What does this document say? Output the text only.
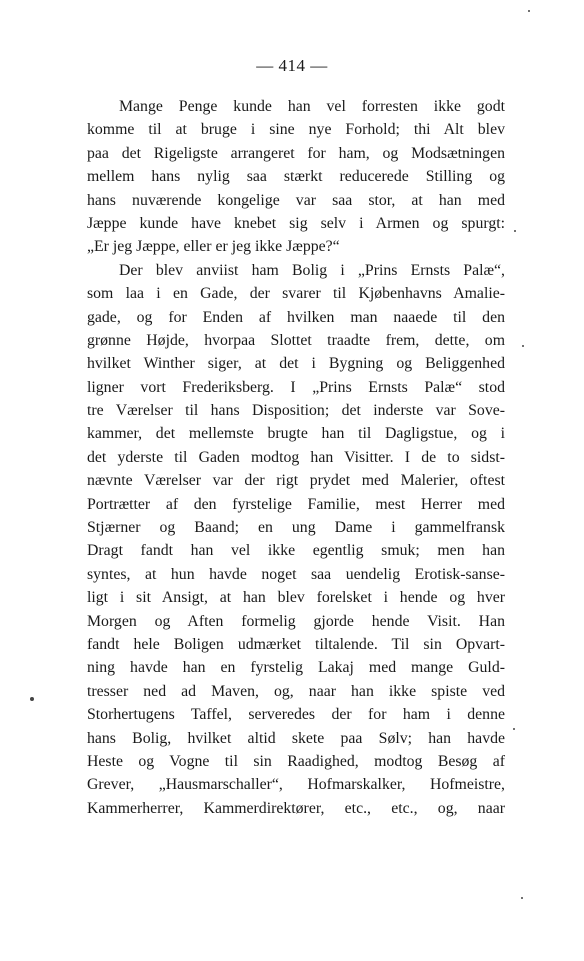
— 414 —
Mange Penge kunde han vel forresten ikke godt
komme til at bruge i sine nye Forhold; thi Alt blev
paa det Rigeligste arrangeret for ham, og Modsætningen
mellem hans nylig saa stærkt reducerede Stilling og
hans nuværende kongelige var saa stor, at han med
Jæppe kunde have knebet sig selv i Armen og spurgt:
„Er jeg Jæppe, eller er jeg ikke Jæppe?“
Der blev anviist ham Bolig i „Prins Ernsts Palæ“,
som laa i en Gade, der svarer til Kjøbenhavns Amalie-
gade, og for Enden af hvilken man naaede til den
grønne Højde, hvorpaa Slottet traadte frem, dette, om
hvilket Winther siger, at det i Bygning og Beliggenhed
ligner vort Frederiksberg. I „Prins Ernsts Palæ“ stod
tre Værelser til hans Disposition; det inderste var Sove-
kammer, det mellemste brugte han til Dagligstue, og i
det yderste til Gaden modtog han Visitter. I de to sidst-
nævnte Værelser var der rigt prydet med Malerier, oftest
Portrætter af den fyrstelige Familie, mest Herrer med
Stjærner og Baand; en ung Dame i gammelfransk
Dragt fandt han vel ikke egentlig smuk; men han
syntes, at hun havde noget saa uendelig Erotisk-sanse-
ligt i sit Ansigt, at han blev forelsket i hende og hver
Morgen og Aften formelig gjorde hende Visit. Han
fandt hele Boligen udmærket tiltalende. Til sin Opvart-
ning havde han en fyrstelig Lakaj med mange Guld-
tresser ned ad Maven, og, naar han ikke spiste ved
Storhertugens Taffel, serveredes der for ham i denne
hans Bolig, hvilket altid skete paa Sølv; han havde
Heste og Vogne til sin Raadighed, modtog Besøg af
Grever, „Hausmarschaller“, Hofmarskalker, Hofmeistre,
Kammerherrer, Kammerdirektører, etc., etc., og, naar
